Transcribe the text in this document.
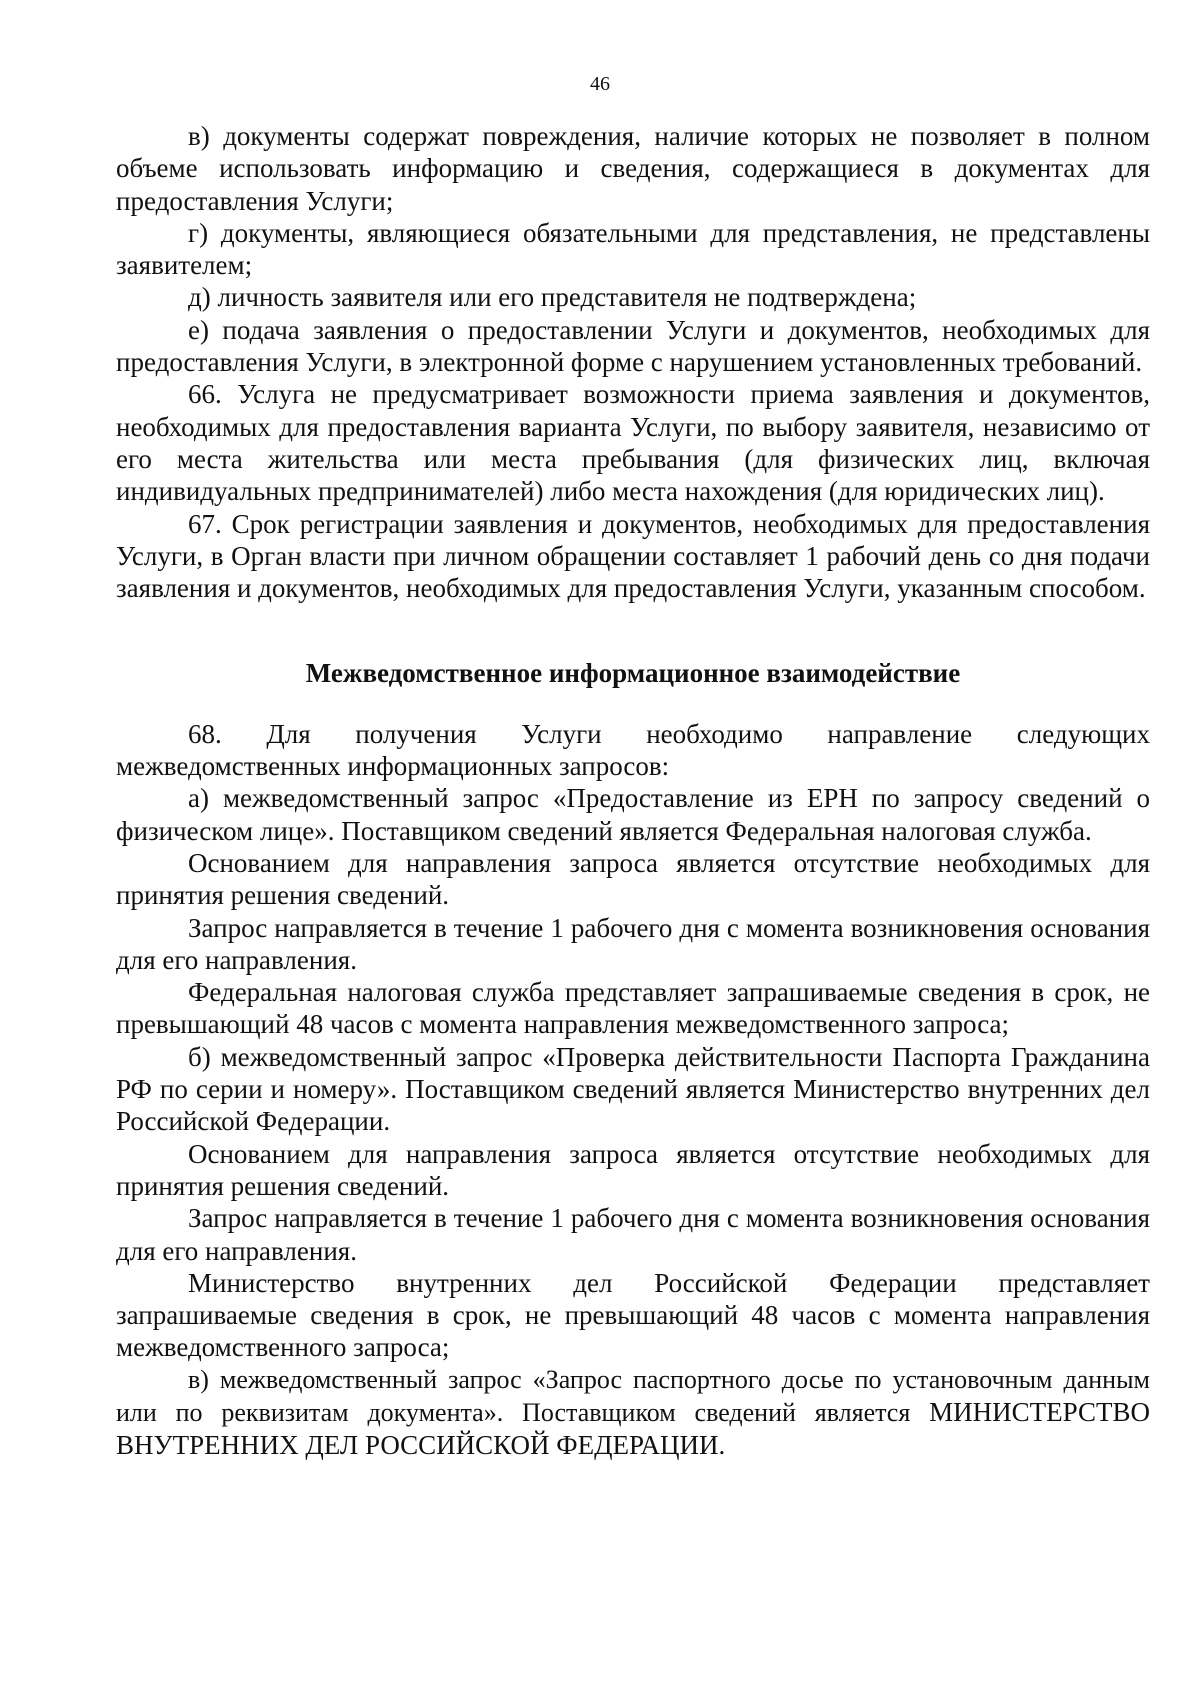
46

в) документы содержат повреждения, наличие которых не позволяет в полном объеме использовать информацию и сведения, содержащиеся в документах для предоставления Услуги;

г) документы, являющиеся обязательными для представления, не представлены заявителем;

д) личность заявителя или его представителя не подтверждена;

е) подача заявления о предоставлении Услуги и документов, необходимых для предоставления Услуги, в электронной форме с нарушением установленных требований.

66. Услуга не предусматривает возможности приема заявления и документов, необходимых для предоставления варианта Услуги, по выбору заявителя, независимо от его места жительства или места пребывания (для физических лиц, включая индивидуальных предпринимателей) либо места нахождения (для юридических лиц).

67. Срок регистрации заявления и документов, необходимых для предоставления Услуги, в Орган власти при личном обращении составляет 1 рабочий день со дня подачи заявления и документов, необходимых для предоставления Услуги, указанным способом.

Межведомственное информационное взаимодействие

68. Для получения Услуги необходимо направление следующих межведомственных информационных запросов:

а) межведомственный запрос «Предоставление из ЕРН по запросу сведений о физическом лице». Поставщиком сведений является Федеральная налоговая служба.

Основанием для направления запроса является отсутствие необходимых для принятия решения сведений.

Запрос направляется в течение 1 рабочего дня с момента возникновения основания для его направления.

Федеральная налоговая служба представляет запрашиваемые сведения в срок, не превышающий 48 часов с момента направления межведомственного запроса;

б) межведомственный запрос «Проверка действительности Паспорта Гражданина РФ по серии и номеру». Поставщиком сведений является Министерство внутренних дел Российской Федерации.

Основанием для направления запроса является отсутствие необходимых для принятия решения сведений.

Запрос направляется в течение 1 рабочего дня с момента возникновения основания для его направления.

Министерство внутренних дел Российской Федерации представляет запрашиваемые сведения в срок, не превышающий 48 часов с момента направления межведомственного запроса;

в) межведомственный запрос «Запрос паспортного досье по установочным данным или по реквизитам документа». Поставщиком сведений является МИНИСТЕРСТВО ВНУТРЕННИХ ДЕЛ РОССИЙСКОЙ ФЕДЕРАЦИИ.
